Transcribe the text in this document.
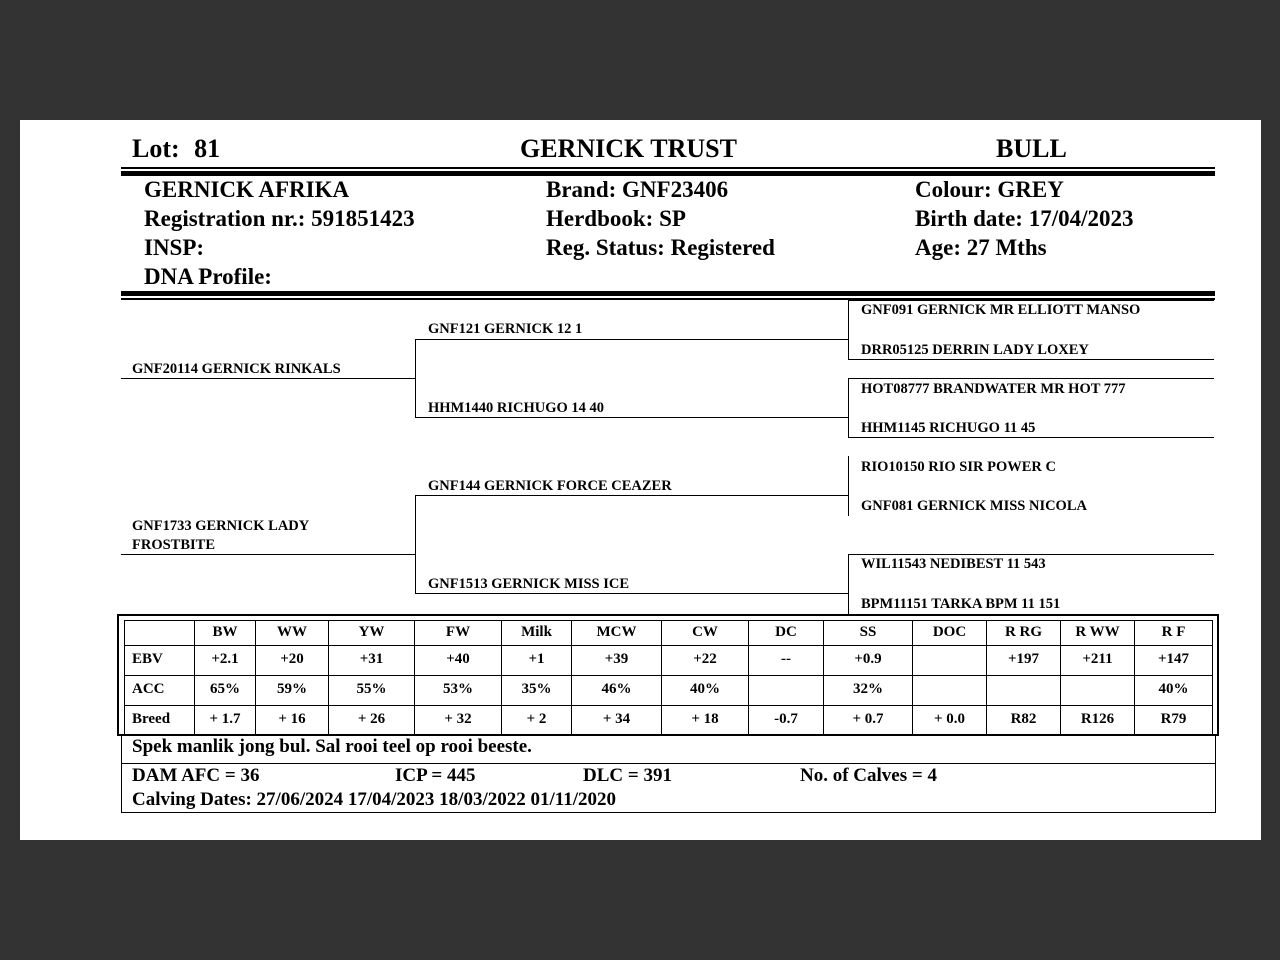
Lot: 81	GERNICK TRUST	BULL
GERNICK AFRIKA
Registration nr.: 591851423
INSP:
DNA Profile:
Brand: GNF23406
Herdbook: SP
Reg. Status: Registered
Colour: GREY
Birth date: 17/04/2023
Age: 27 Mths
GNF20114 GERNICK RINKALS
GNF1733 GERNICK LADY FROSTBITE
GNF121 GERNICK 12 1
HHM1440 RICHUGO 14 40
GNF144 GERNICK FORCE CEAZER
GNF1513 GERNICK MISS ICE
GNF091 GERNICK MR ELLIOTT MANSO
DRR05125 DERRIN LADY LOXEY
HOT08777 BRANDWATER MR HOT 777
HHM1145 RICHUGO 11 45
RIO10150 RIO SIR POWER C
GNF081 GERNICK MISS NICOLA
WIL11543 NEDIBEST 11 543
BPM11151 TARKA BPM 11 151
	BW	WW	YW	FW	Milk	MCW	CW	DC	SS	DOC	R RG	R WW	R F
EBV	+2.1	+20	+31	+40	+1	+39	+22	--	+0.9		+197	+211	+147
ACC	65%	59%	55%	53%	35%	46%	40%		32%				40%
Breed	+ 1.7	+ 16	+ 26	+ 32	+ 2	+ 34	+ 18	-0.7	+ 0.7	+ 0.0	R82	R126	R79
Spek manlik jong bul. Sal rooi teel op rooi beeste.
DAM AFC = 36	ICP = 445	DLC = 391	No. of Calves = 4
Calving Dates: 27/06/2024 17/04/2023 18/03/2022 01/11/2020
